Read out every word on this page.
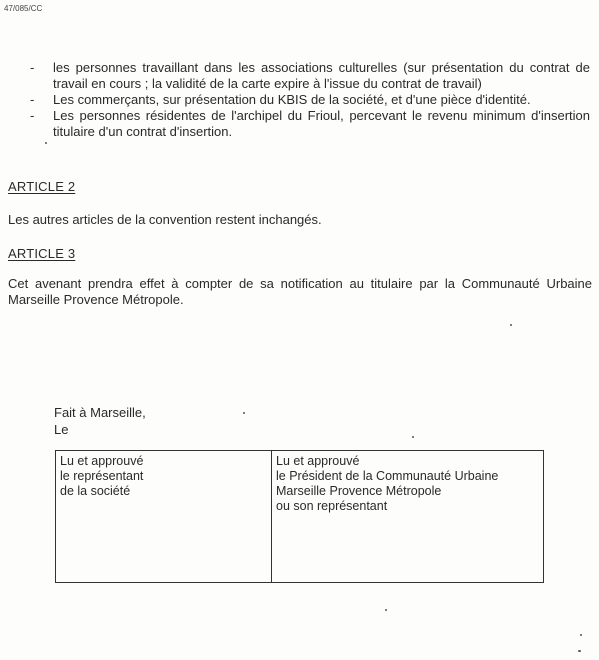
47/085/CC
- les personnes travaillant dans les associations culturelles (sur présentation du contrat de travail en cours ; la validité de la carte expire à l'issue du contrat de travail)
- Les commerçants, sur présentation du KBIS de la société, et d'une pièce d'identité.
- Les personnes résidentes de l'archipel du Frioul, percevant le revenu minimum d'insertion titulaire d'un contrat d'insertion.
ARTICLE 2
Les autres articles de la convention restent inchangés.
ARTICLE 3
Cet avenant prendra effet à compter de sa notification au titulaire par la Communauté Urbaine Marseille Provence Métropole.
Fait à Marseille,
Le
Lu et approuvé
le représentant
de la société

Lu et approuvé
le Président de la Communauté Urbaine
Marseille Provence Métropole
ou son représentant
